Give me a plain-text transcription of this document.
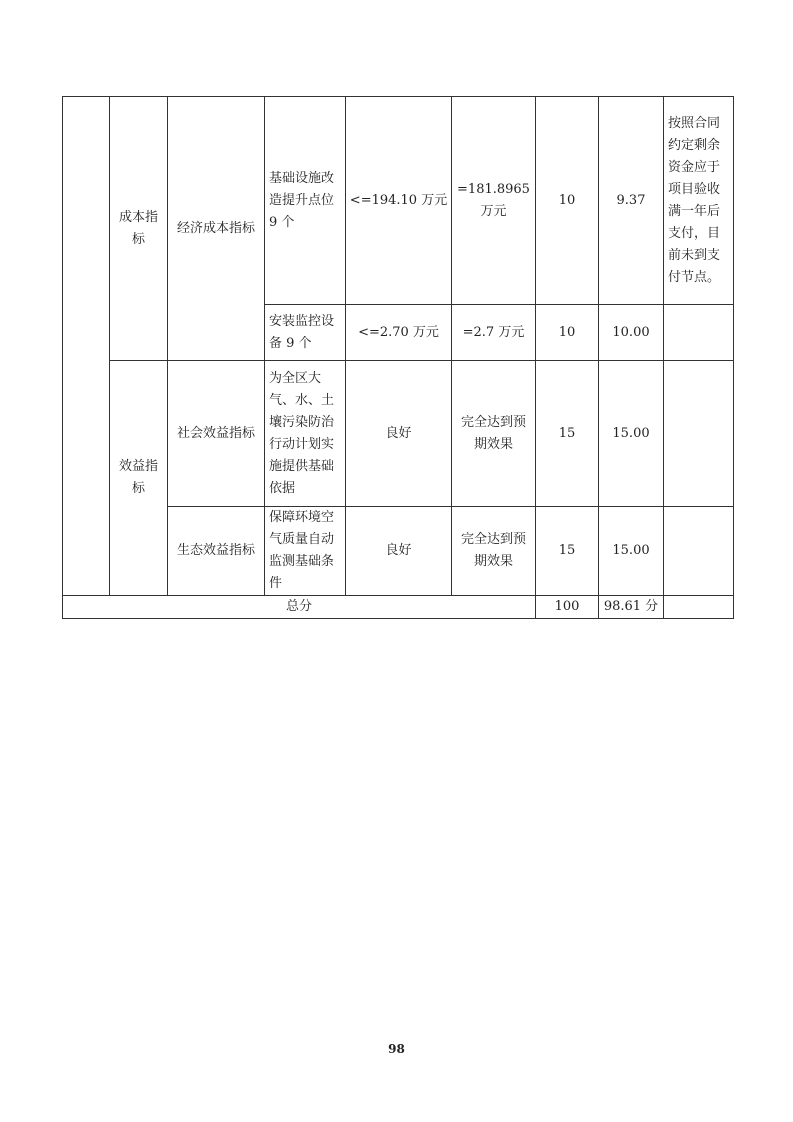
	成本指标	经济成本指标	基础设施改造提升点位 9 个	<=194.10 万元	=181.8965 万元	10	9.37	按照合同约定剩余资金应于项目验收满一年后支付，目前未到支付节点。
			安装监控设备 9 个	<=2.70 万元	=2.7 万元	10	10.00	
	效益指标	社会效益指标	为全区大气、水、土壤污染防治行动计划实施提供基础依据	良好	完全达到预期效果	15	15.00	
		生态效益指标	保障环境空气质量自动监测基础条件	良好	完全达到预期效果	15	15.00	
总分						100	98.61 分	
98
